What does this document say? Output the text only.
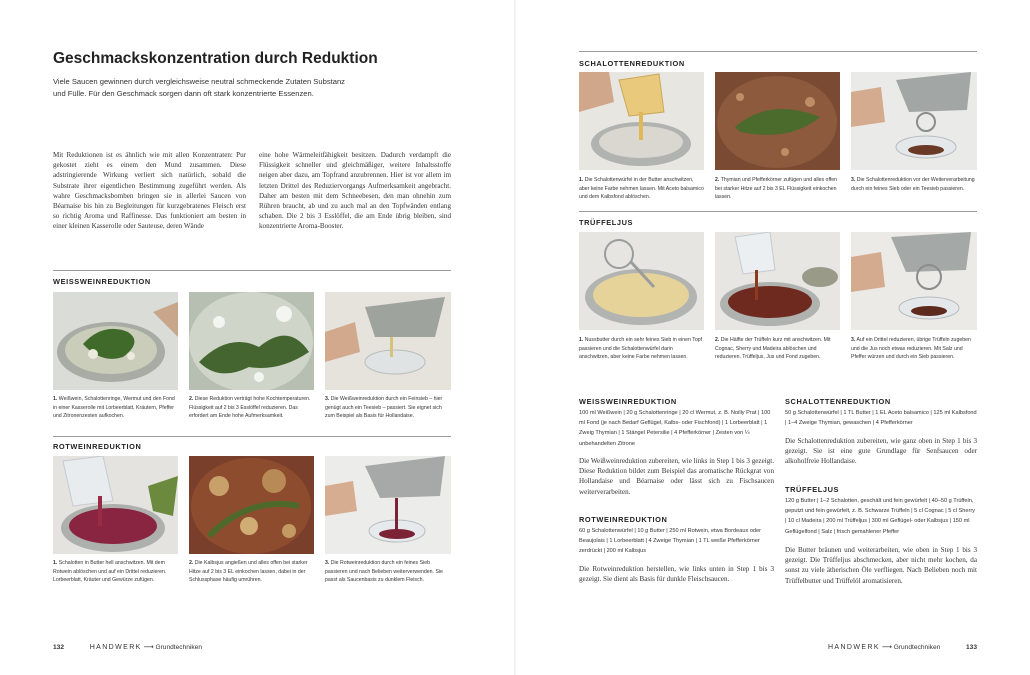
Geschmackskonzentration durch Reduktion
Viele Saucen gewinnen durch vergleichsweise neutral schmeckende Zutaten Substanz und Fülle. Für den Geschmack sorgen dann oft stark konzentrierte Essenzen.
Mit Reduktionen ist es ähnlich wie mit allen Konzentraten: Pur gekostet zieht es einem den Mund zusammen. Diese adstringierende Wirkung verliert sich natürlich, sobald die Substrate ihrer eigentlichen Bestimmung zugeführt werden. Als wahre Geschmacksbomben bringen sie in allerlei Saucen von Béarnaise bis hin zu Begleitungen für kurzgebratenes Fleisch erst so richtig Aroma und Raffinesse. Das funktioniert am besten in einer kleinen Kasserolle oder Sauteuse, deren Wände
eine hohe Wärmeleitfähigkeit besitzen. Dadurch verdampft die Flüssigkeit schneller und gleichmäßiger, weitere Inhaltsstoffe neigen aber dazu, am Topfrand anzubrennen. Hier ist vor allem im letzten Drittel des Reduziervorgangs Aufmerksamkeit angebracht. Daher am besten mit dem Schneebesen, den man ohnehin zum Rühren braucht, ab und zu auch mal an den Topfwänden entlang schaben. Die 2 bis 3 Esslöffel, die am Ende übrig bleiben, sind konzentrierte Aroma-Booster.
WEISSWEINREDUKTION
1. Weißwein, Schalottenringe, Wermut und den Fond in einer Kasserolle mit Lorbeerblatt, Kräutern, Pfeffer und Zitronenzesten aufkochen.
2. Diese Reduktion verträgt hohe Kochtemperaturen. Flüssigkeit auf 2 bis 3 Esslöffel reduzieren. Das erfordert am Ende hohe Aufmerksamkeit.
3. Die Weißweinreduktion durch ein Feinsieb – hier genügt auch ein Teesieb – passiert. Sie eignet sich zum Beispiel als Basis für Hollandaise.
ROTWEINREDUKTION
1. Schalotten in Butter hell anschwitzen. Mit dem Rotwein ablöschen und auf ein Drittel reduzieren. Lorbeerblatt, Kräuter und Gewürze zufügen.
2. Die Kalbsjus angießen und alles offen bei starker Hitze auf 2 bis 3 EL einkochen lassen, dabei in der Schlussphase häufig umrühren.
3. Die Rotweinreduktion durch ein feines Sieb passieren und nach Belieben weiterverwenden. Sie passt als Saucenbasis zu dunklem Fleisch.
132	HANDWERK ⟶ Grundtechniken
SCHALOTTENREDUKTION
1. Die Schalottenwürfel in der Butter anschwitzen, aber keine Farbe nehmen lassen. Mit Aceto balsamico und dem Kalbsfond ablöschen.
2. Thymian und Pfefferkörner zufügen und alles offen bei starker Hitze auf 2 bis 3 EL Flüssigkeit einkochen lassen.
3. Die Schalottenreduktion vor der Weiterverarbeitung durch ein feines Sieb oder ein Teesieb passieren.
TRÜFFELJUS
1. Nussbutter durch ein sehr feines Sieb in einen Topf passieren und die Schalottenwürfel darin anschwitzen, aber keine Farbe nehmen lassen.
2. Die Hälfte der Trüffeln kurz mit anschwitzen. Mit Cognac, Sherry und Madeira ablöschen und reduzieren. Trüffeljus, Jus und Fond zugeben.
3. Auf ein Drittel reduzieren, übrige Trüffeln zugeben und die Jus noch etwas reduzieren. Mit Salz und Pfeffer würzen und durch ein Sieb passieren.
WEISSWEINREDUKTION
100 ml Weißwein | 20 g Schalottenringe | 20 cl Wermut, z. B. Noilly Prat | 100 ml Fond (je nach Bedarf Geflügel, Kalbs- oder Fischfond) | 1 Lorbeerblatt | 1 Zweig Thymian | 1 Stängel Petersilie | 4 Pfefferkörner | Zesten von ¼ unbehandelten Zitrone
Die Weißweinreduktion zubereiten, wie links in Step 1 bis 3 gezeigt. Diese Reduktion bildet zum Beispiel das aromatische Rückgrat von Hollandaise und Béarnaise oder lässt sich zu Fischsaucen weiterverarbeiten.
ROTWEINREDUKTION
60 g Schalottenwürfel | 10 g Butter | 250 ml Rotwein, etwa Bordeaux oder Beaujolais | 1 Lorbeerblatt | 4 Zweige Thymian | 1 TL weiße Pfefferkörner zerdrückt | 200 ml Kalbsjus
Die Rotweinreduktion herstellen, wie links unten in Step 1 bis 3 gezeigt. Sie dient als Basis für dunkle Fleischsaucen.
SCHALOTTENREDUKTION
50 g Schalottenwürfel | 1 TL Butter | 1 EL Aceto balsamico | 125 ml Kalbsfond | 1–4 Zweige Thymian, gewaschen | 4 Pfefferkörner
Die Schalottenreduktion zubereiten, wie ganz oben in Step 1 bis 3 gezeigt. Sie ist eine gute Grundlage für Senfsaucen oder alkoholfreie Hollandaise.
TRÜFFELJUS
120 g Butter | 1–2 Schalotten, geschält und fein gewürfelt | 40–50 g Trüffeln, geputzt und fein gewürfelt, z. B. Schwarze Trüffeln | 5 cl Cognac | 5 cl Sherry | 10 cl Madeira | 200 ml Trüffeljus | 300 ml Geflügel- oder Kalbsjus | 150 ml Geflügelfond | Salz | frisch gemahlener Pfeffer
Die Butter bräunen und weiterarbeiten, wie oben in Step 1 bis 3 gezeigt. Die Trüffeljus abschmecken, aber nicht mehr kochen, da sonst zu viele ätherischen Öle verfliegen. Nach Belieben noch mit Trüffelbutter und Trüffelöl aromatisieren.
HANDWERK ⟶ Grundtechniken	133
